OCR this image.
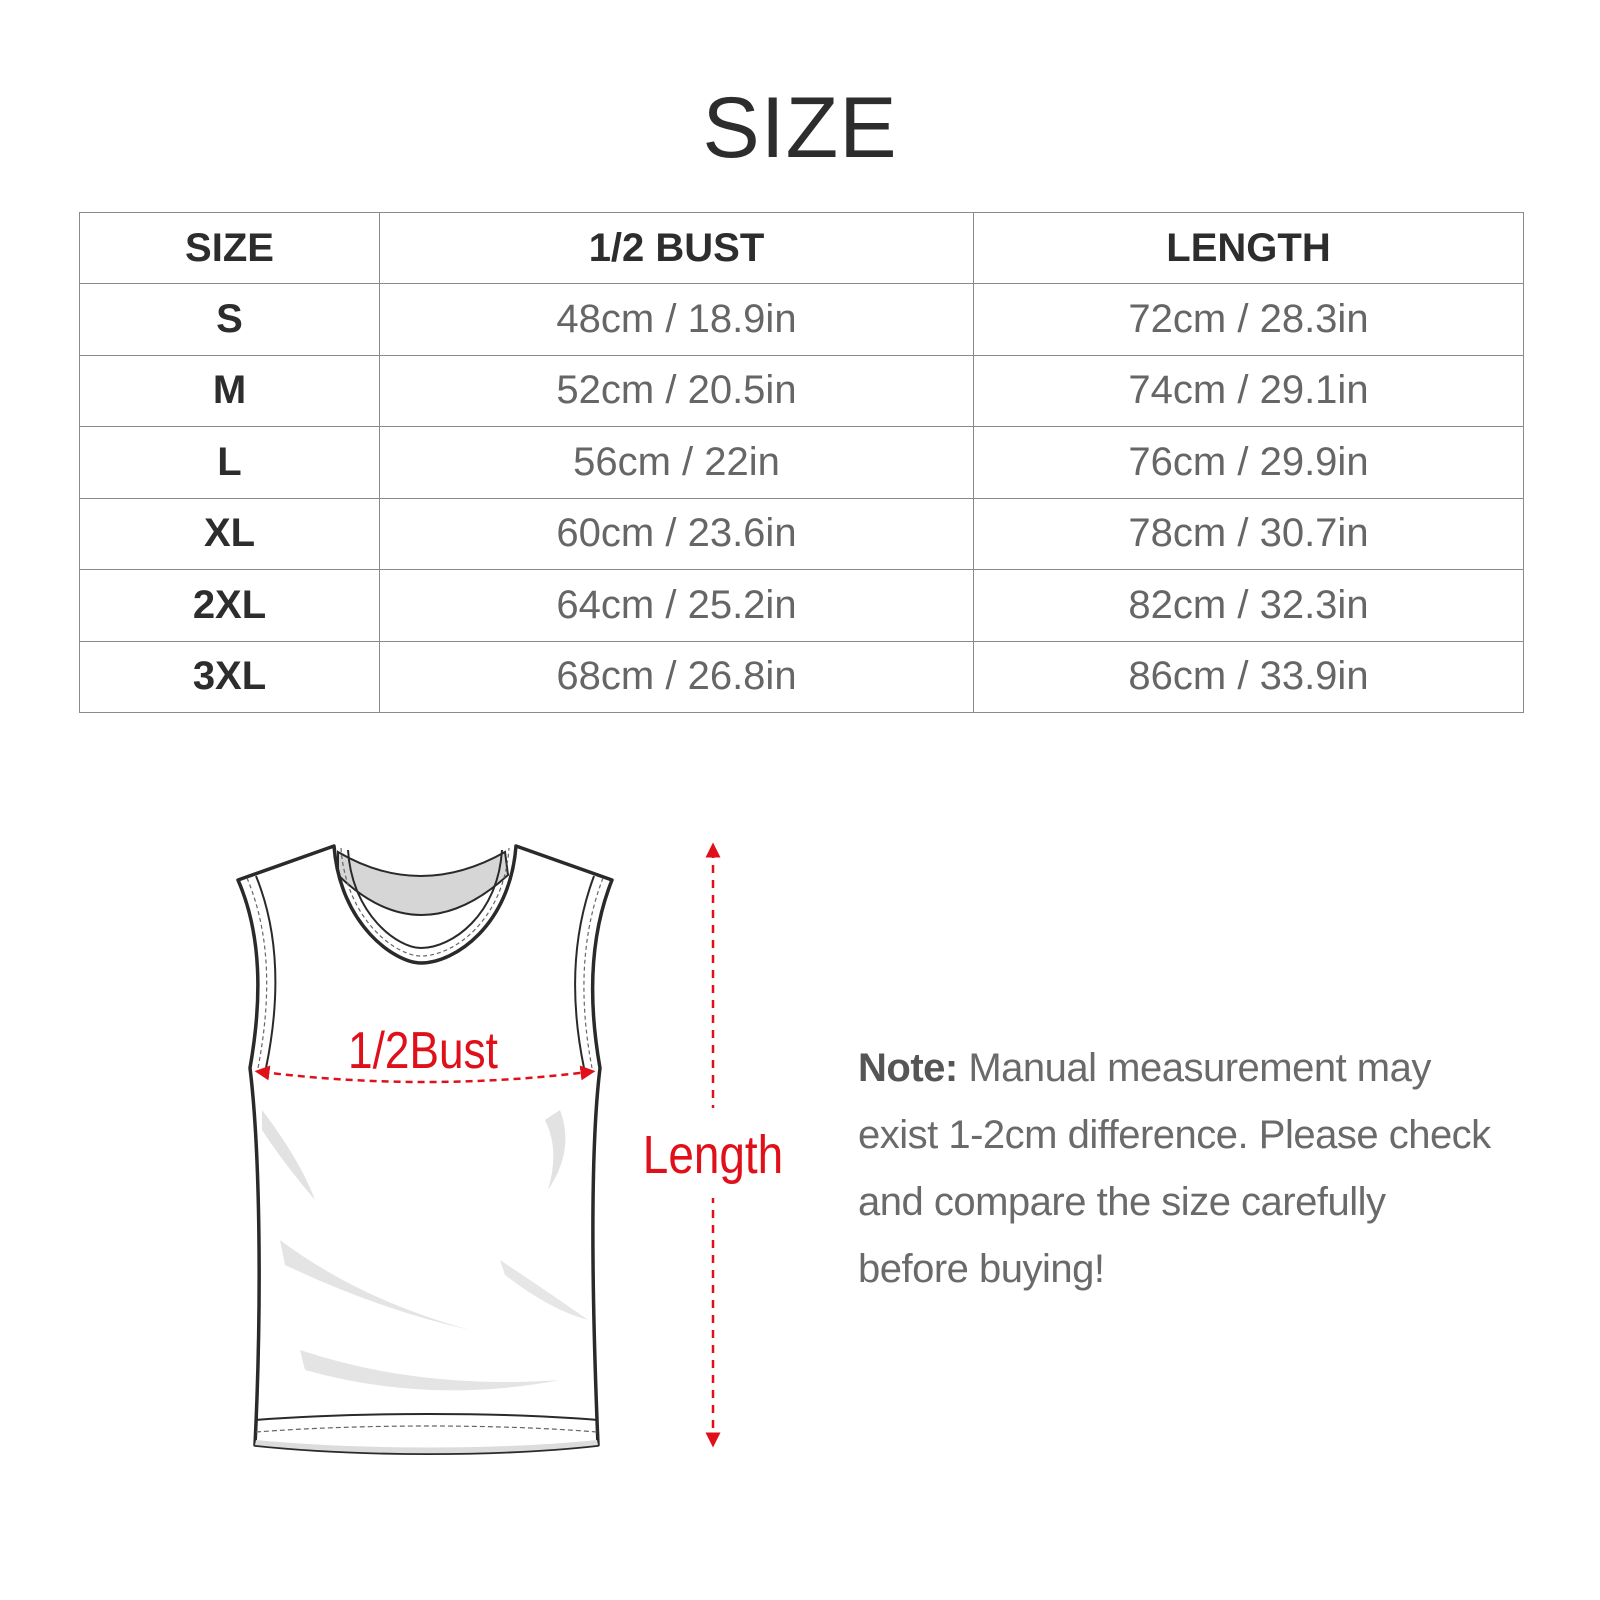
SIZE
SIZE	1/2 BUST	LENGTH
S	48cm / 18.9in	72cm / 28.3in
M	52cm / 20.5in	74cm / 29.1in
L	56cm / 22in	76cm / 29.9in
XL	60cm / 23.6in	78cm / 30.7in
2XL	64cm / 25.2in	82cm / 32.3in
3XL	68cm / 26.8in	86cm / 33.9in
1/2Bust
Length
Note: Manual measurement may exist 1-2cm difference. Please check and compare the size carefully before buying!
